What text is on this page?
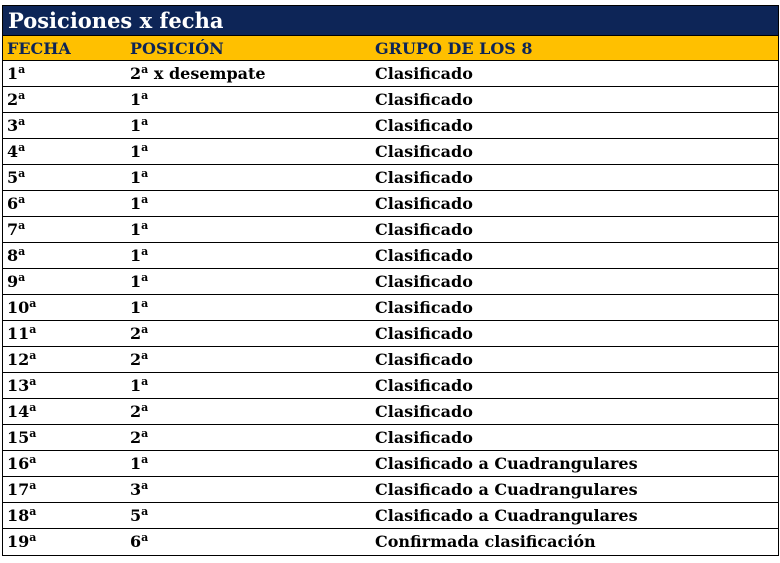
Posiciones x fecha
FECHA	POSICIÓN	GRUPO DE LOS 8
1$^a$	2$^a$ x desempate	Clasificado
2$^a$	1$^a$	Clasificado
3$^a$	1$^a$	Clasificado
4$^a$	1$^a$	Clasificado
5$^a$	1$^a$	Clasificado
6$^a$	1$^a$	Clasificado
7$^a$	1$^a$	Clasificado
8$^a$	1$^a$	Clasificado
9$^a$	1$^a$	Clasificado
10$^a$	1$^a$	Clasificado
11$^a$	2$^a$	Clasificado
12$^a$	2$^a$	Clasificado
13$^a$	1$^a$	Clasificado
14$^a$	2$^a$	Clasificado
15$^a$	2$^a$	Clasificado
16$^a$	1$^a$	Clasificado a Cuadrangulares
17$^a$	3$^a$	Clasificado a Cuadrangulares
18$^a$	5$^a$	Clasificado a Cuadrangulares
19$^a$	6$^a$	Confirmada clasificación
